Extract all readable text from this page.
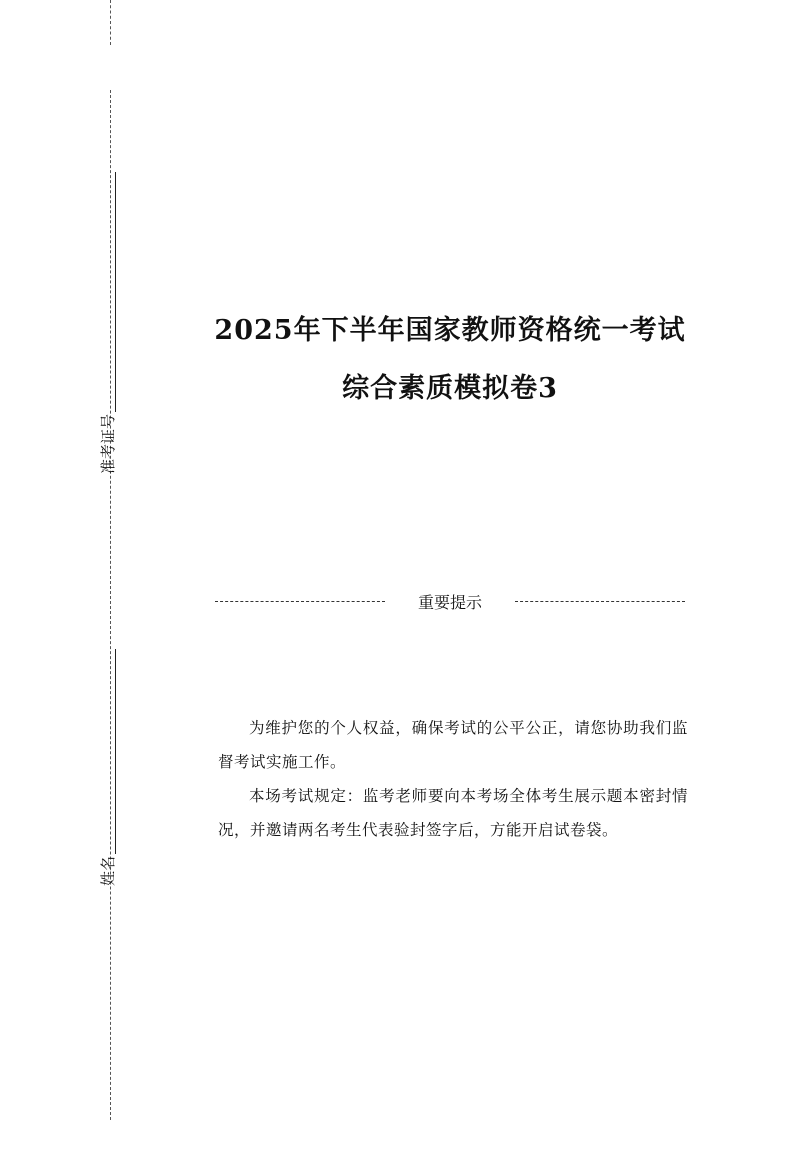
准考证号
姓名
2025年下半年国家教师资格统一考试
综合素质模拟卷3
重要提示

为维护您的个人权益，确保考试的公平公正，请您协助我们监督考试实施工作。

本场考试规定：监考老师要向本考场全体考生展示题本密封情况，并邀请两名考生代表验封签字后，方能开启试卷袋。
